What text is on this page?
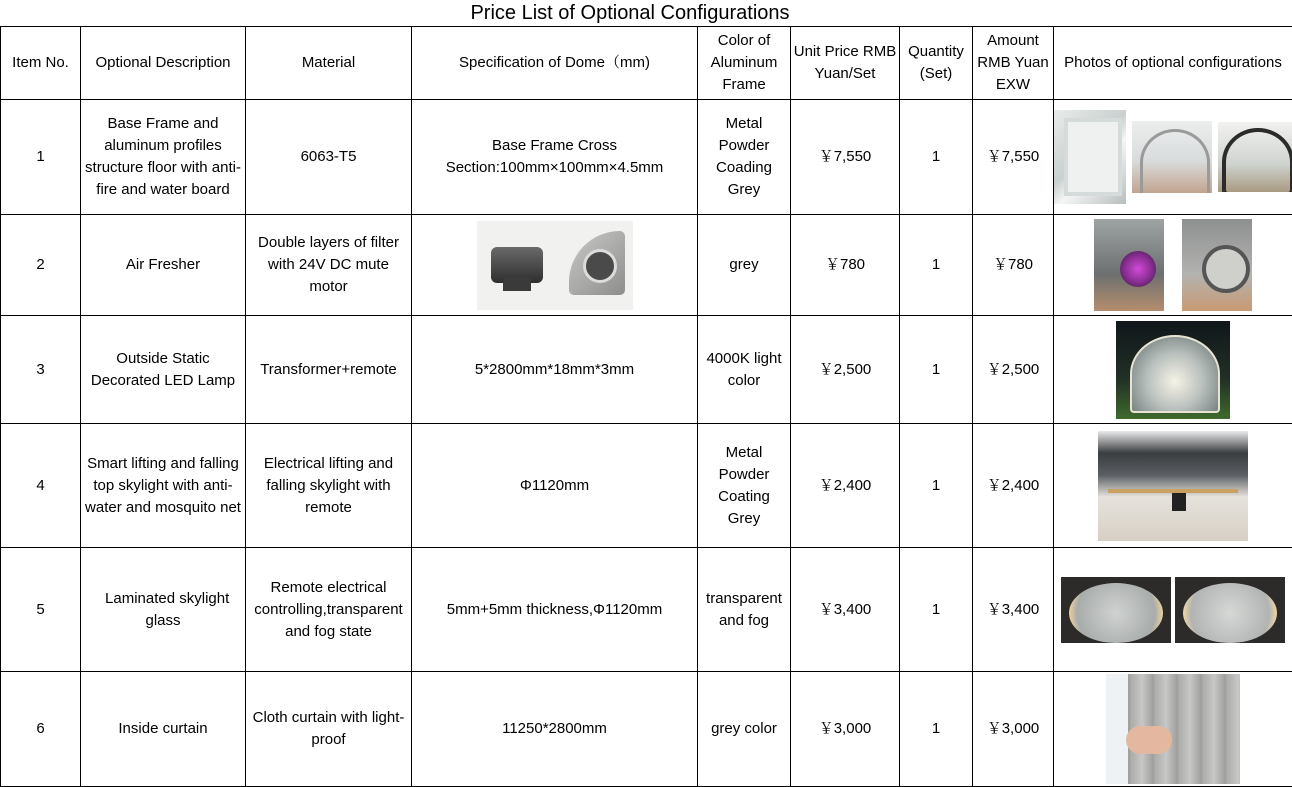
Price List of Optional Configurations
Item No.	Optional Description	Material	Specification of Dome（mm)	Color of Aluminum Frame	Unit Price RMB Yuan/Set	Quantity (Set)	Amount RMB Yuan EXW	Photos of optional configurations
1	Base Frame and aluminum profiles structure floor with anti-fire and water board	6063-T5	Base Frame Cross Section:100mm×100mm×4.5mm	Metal Powder Coading Grey	￥7,550	1	￥7,550	

2	Air Fresher	Double layers of filter with 24V DC mute motor		grey	￥780	1	￥780	

3	Outside Static Decorated LED Lamp	Transformer+remote	5*2800mm*18mm*3mm	4000K light color	￥2,500	1	￥2,500	

4	Smart lifting and falling top skylight with anti-water and mosquito net	Electrical lifting and falling skylight with remote	Φ1120mm	Metal Powder Coating Grey	￥2,400	1	￥2,400	

5	Laminated skylight glass	Remote electrical controlling,transparent and fog state	5mm+5mm thickness,Φ1120mm	transparent and fog	￥3,400	1	￥3,400	

6	Inside curtain	Cloth curtain with light-proof	11250*2800mm	grey color	￥3,000	1	￥3,000	
